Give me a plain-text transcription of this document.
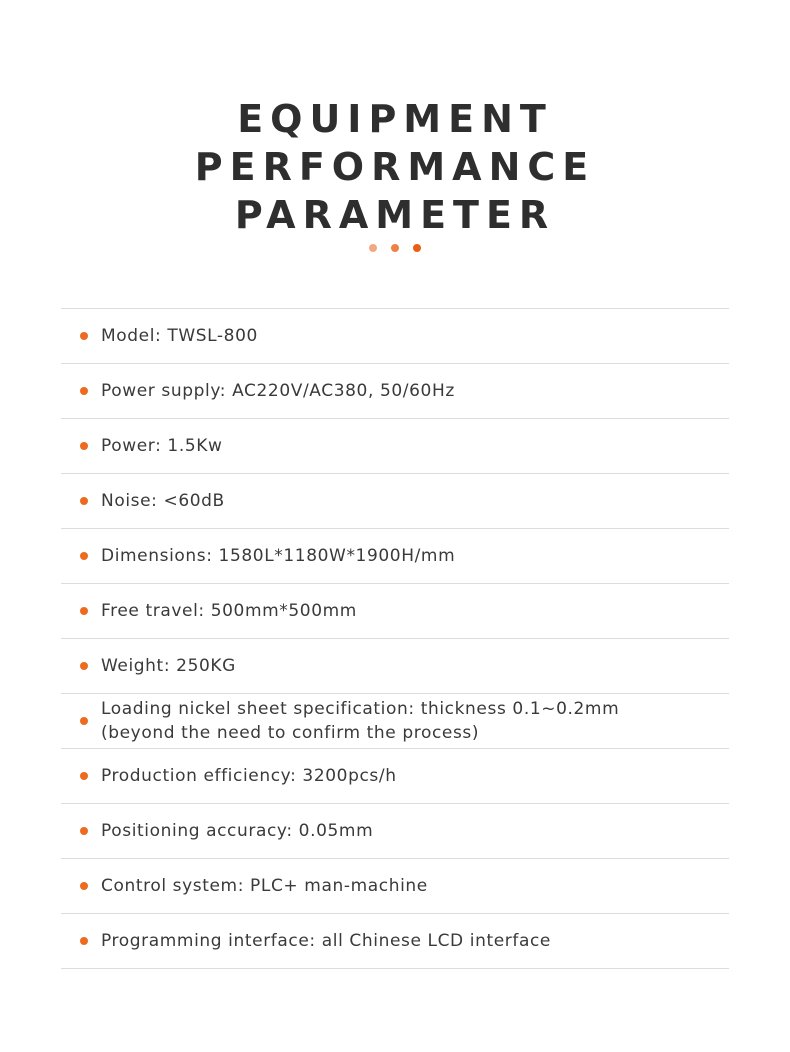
EQUIPMENT
PERFORMANCE
PARAMETER
Model: TWSL-800
Power supply: AC220V/AC380, 50/60Hz
Power: 1.5Kw
Noise: <60dB
Dimensions: 1580L*1180W*1900H/mm
Free travel: 500mm*500mm
Weight: 250KG
Loading nickel sheet specification: thickness 0.1~0.2mm
(beyond the need to confirm the process)
Production efficiency: 3200pcs/h
Positioning accuracy: 0.05mm
Control system: PLC+ man-machine
Programming interface: all Chinese LCD interface
